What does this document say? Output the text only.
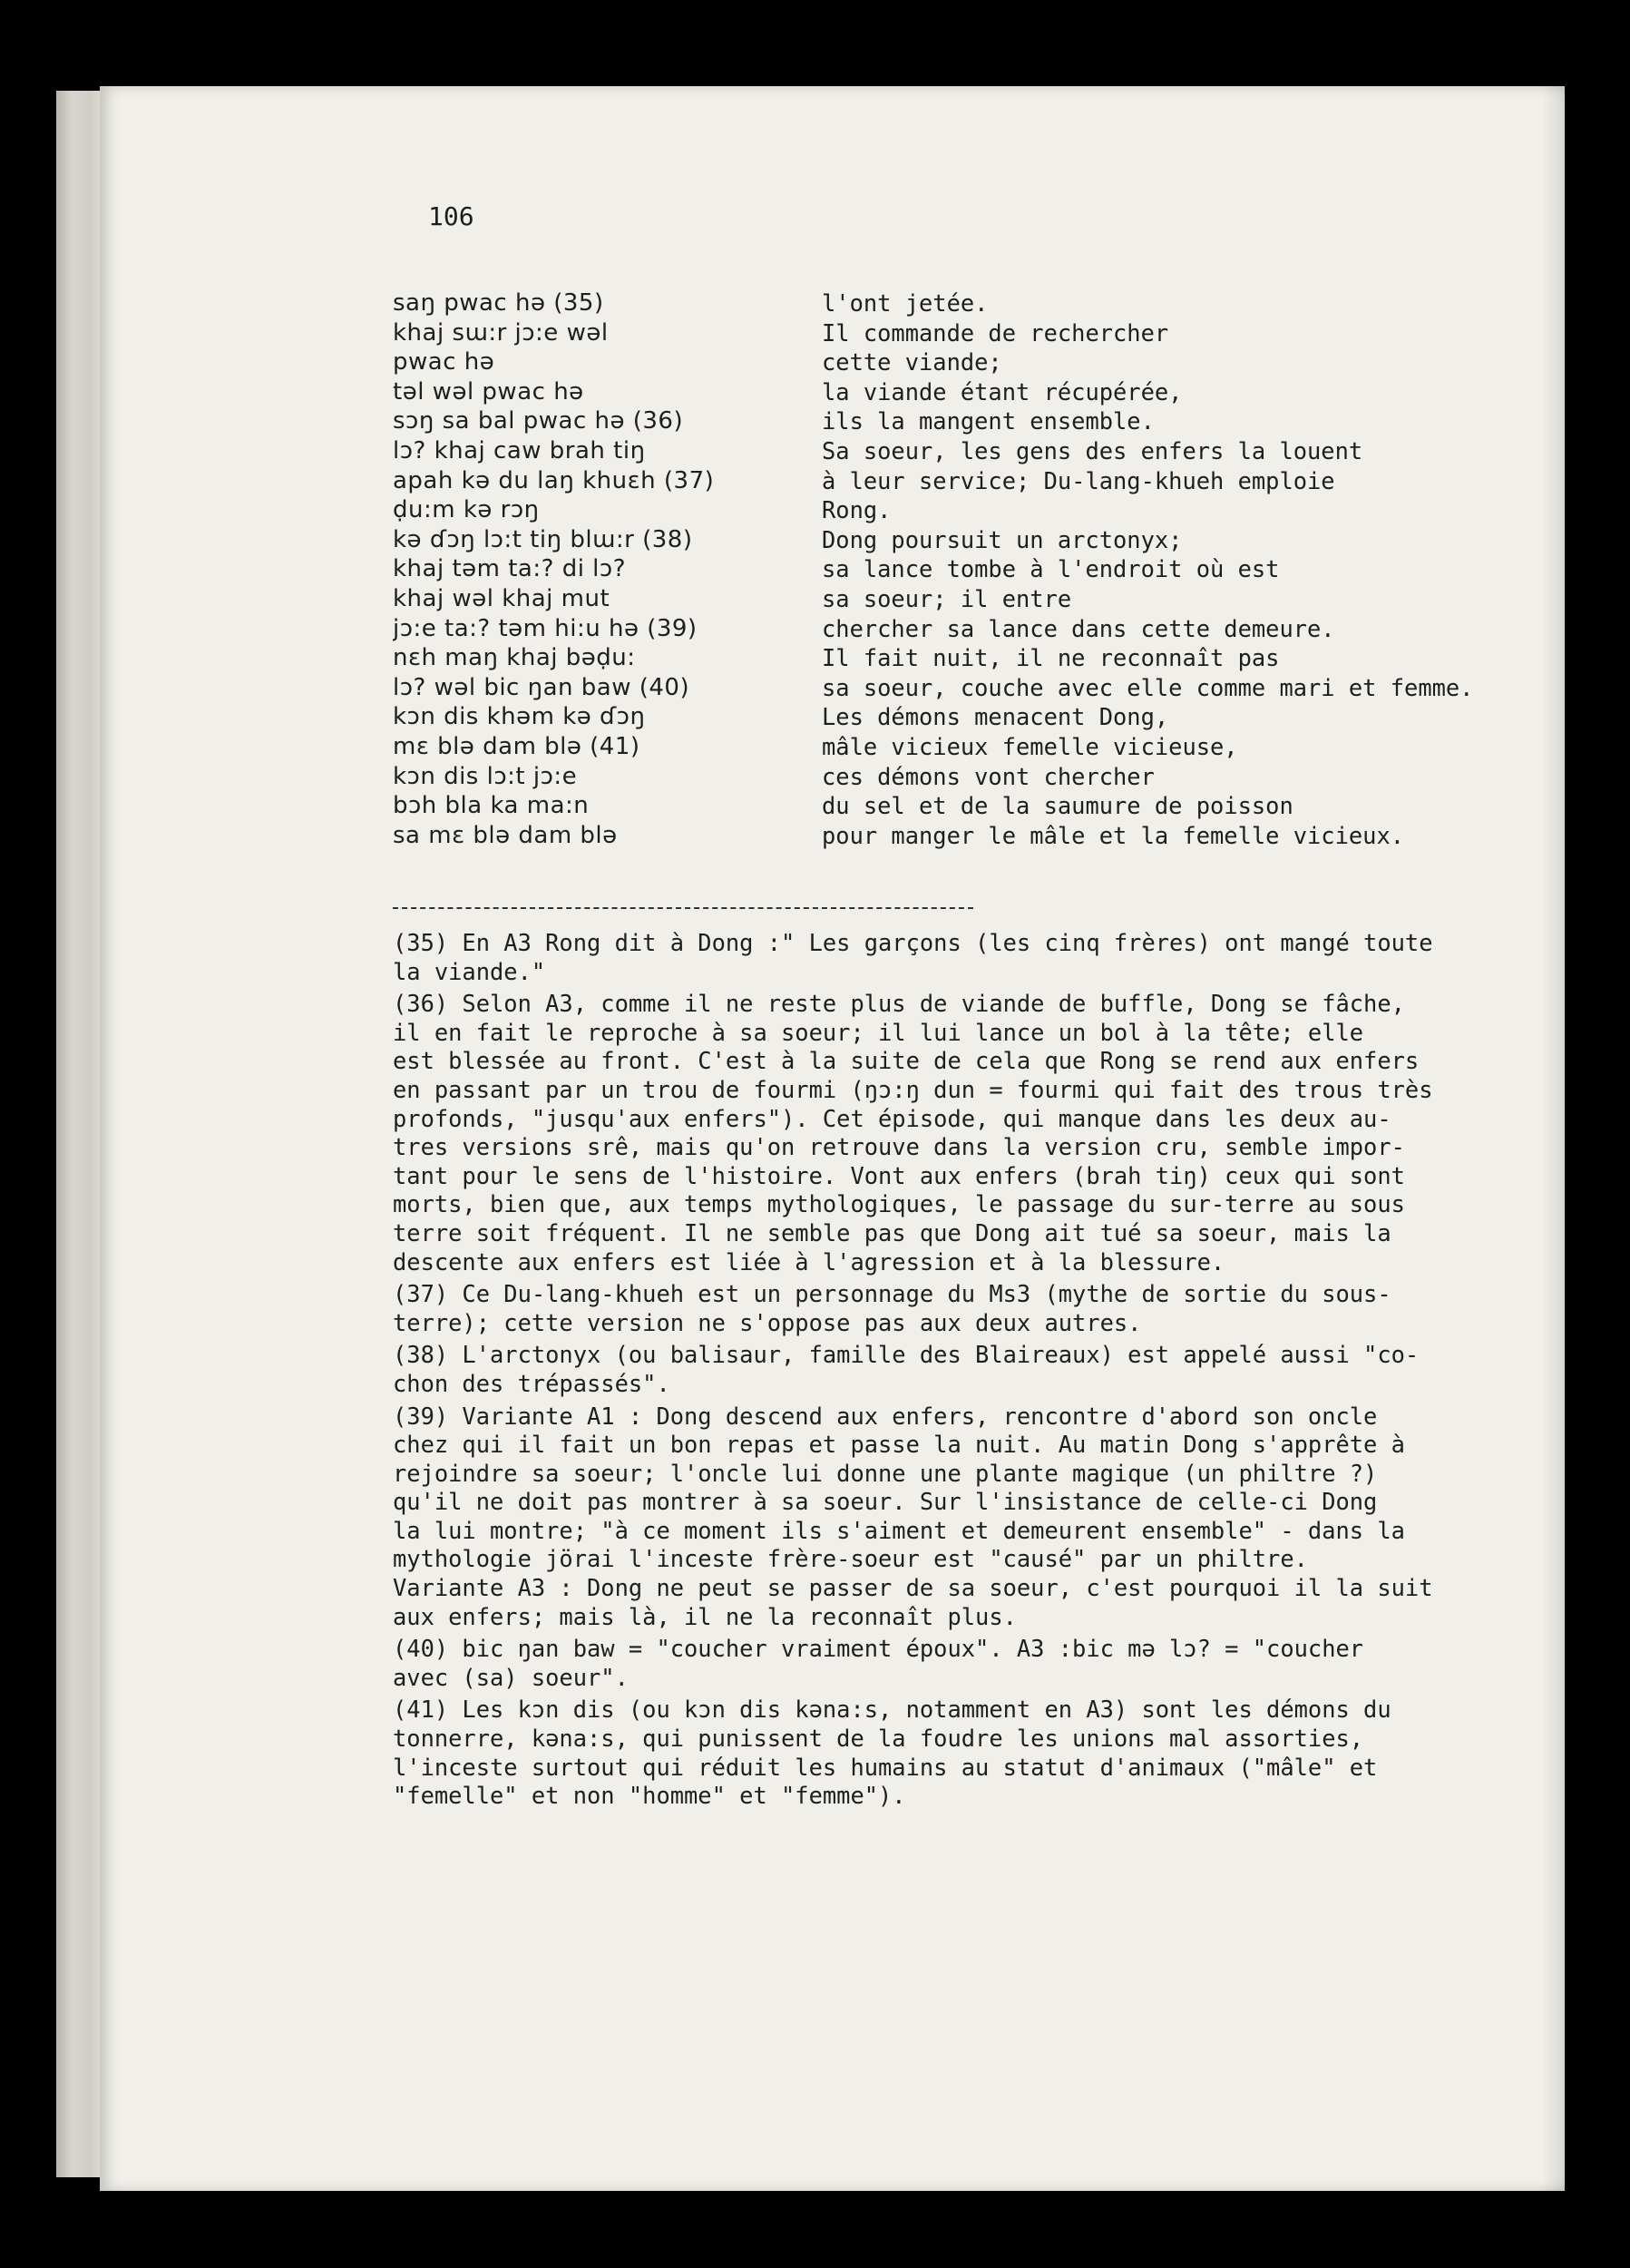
106
saŋ pwac hə (35)	l'ont jetée.
khaj sɯ:r jɔ:e wəl	Il commande de rechercher
pwac hə	cette viande;
təl wəl pwac hə	la viande étant récupérée,
sɔŋ sa bal pwac hə (36)	ils la mangent ensemble.
lɔ? khaj caw brah tiŋ	Sa soeur, les gens des enfers la louent
apah kə du laŋ khuɛh (37)	à leur service; Du-lang-khueh emploie
ḍu:m kə rɔŋ	Rong.
kə ɗɔŋ lɔ:t tiŋ blɯ:r (38)	Dong poursuit un arctonyx;
khaj təm ta:? di lɔ?	sa lance tombe à l'endroit où est
khaj wəl khaj mut	sa soeur; il entre
jɔ:e ta:? təm hi:u hə (39)	chercher sa lance dans cette demeure.
nɛh maŋ khaj bəḍu:	Il fait nuit, il ne reconnaît pas
lɔ? wəl bic ŋan baw (40)	sa soeur, couche avec elle comme mari et femme.
kɔn dis khəm kə ɗɔŋ	Les démons menacent Dong,
mɛ blə dam blə (41)	mâle vicieux femelle vicieuse,
kɔn dis lɔ:t jɔ:e	ces démons vont chercher
bɔh bla ka ma:n	du sel et de la saumure de poisson
sa mɛ blə dam blə	pour manger le mâle et la femelle vicieux.

(35) En A3 Rong dit à Dong :" Les garçons (les cinq frères) ont mangé toute

la viande."

(36) Selon A3, comme il ne reste plus de viande de buffle, Dong se fâche,

il en fait le reproche à sa soeur; il lui lance un bol à la tête; elle

est blessée au front. C'est à la suite de cela que Rong se rend aux enfers

en passant par un trou de fourmi (ŋɔ:ŋ dun = fourmi qui fait des trous très

profonds, "jusqu'aux enfers"). Cet épisode, qui manque dans les deux au-

tres versions srê, mais qu'on retrouve dans la version cru, semble impor-

tant pour le sens de l'histoire. Vont aux enfers (brah tiŋ) ceux qui sont

morts, bien que, aux temps mythologiques, le passage du sur-terre au sous

terre soit fréquent. Il ne semble pas que Dong ait tué sa soeur, mais la

descente aux enfers est liée à l'agression et à la blessure.

(37) Ce Du-lang-khueh est un personnage du Ms3 (mythe de sortie du sous-

terre); cette version ne s'oppose pas aux deux autres.

(38) L'arctonyx (ou balisaur, famille des Blaireaux) est appelé aussi "co-

chon des trépassés".

(39) Variante A1 : Dong descend aux enfers, rencontre d'abord son oncle

chez qui il fait un bon repas et passe la nuit. Au matin Dong s'apprête à

rejoindre sa soeur; l'oncle lui donne une plante magique (un philtre ?)

qu'il ne doit pas montrer à sa soeur. Sur l'insistance de celle-ci Dong

la lui montre; "à ce moment ils s'aiment et demeurent ensemble" - dans la

mythologie jörai l'inceste frère-soeur est "causé" par un philtre.

Variante A3 : Dong ne peut se passer de sa soeur, c'est pourquoi il la suit

aux enfers; mais là, il ne la reconnaît plus.

(40) bic ŋan baw = "coucher vraiment époux". A3 :bic mə lɔ? = "coucher

avec (sa) soeur".

(41) Les kɔn dis (ou kɔn dis kəna:s, notamment en A3) sont les démons du

tonnerre, kəna:s, qui punissent de la foudre les unions mal assorties,

l'inceste surtout qui réduit les humains au statut d'animaux ("mâle" et

"femelle" et non "homme" et "femme").
